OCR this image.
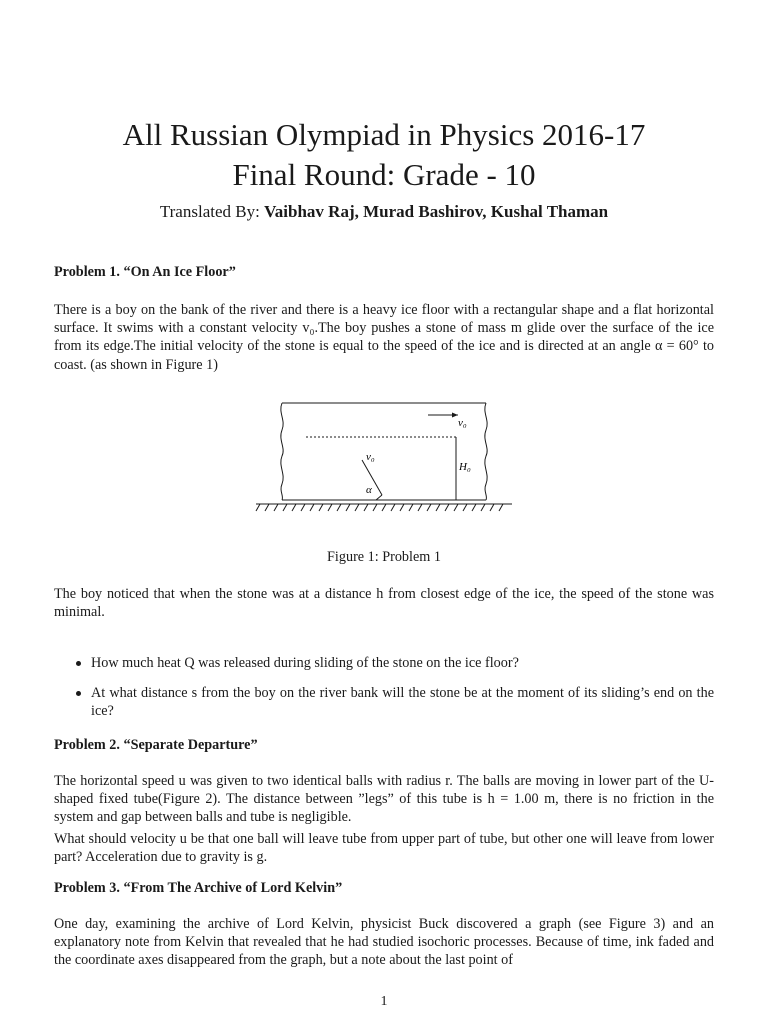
All Russian Olympiad in Physics 2016-17
Final Round: Grade - 10
Translated By: Vaibhav Raj, Murad Bashirov, Kushal Thaman

Problem 1. “On An Ice Floor”

There is a boy on the bank of the river and there is a heavy ice floor with a rectangular shape and a flat horizontal surface. It swims with a constant velocity v₀.The boy pushes a stone of mass m glide over the surface of the ice from its edge.The initial velocity of the stone is equal to the speed of the ice and is directed at an angle α = 60° to coast. (as shown in Figure 1)

v₀
H₀
v₀
α
Figure 1: Problem 1

The boy noticed that when the stone was at a distance h from closest edge of the ice, the speed of the stone was minimal.

How much heat Q was released during sliding of the stone on the ice floor?
At what distance s from the boy on the river bank will the stone be at the moment of its sliding’s end on the ice?

Problem 2. “Separate Departure”

The horizontal speed u was given to two identical balls with radius r. The balls are moving in lower part of the U-shaped fixed tube(Figure 2). The distance between ”legs” of this tube is h = 1.00 m, there is no friction in the system and gap between balls and tube is negligible.

What should velocity u be that one ball will leave tube from upper part of tube, but other one will leave from lower part? Acceleration due to gravity is g.

Problem 3. “From The Archive of Lord Kelvin”

One day, examining the archive of Lord Kelvin, physicist Buck discovered a graph (see Figure 3) and an explanatory note from Kelvin that revealed that he had studied isochoric processes. Because of time, ink faded and the coordinate axes disappeared from the graph, but a note about the last point of

1
